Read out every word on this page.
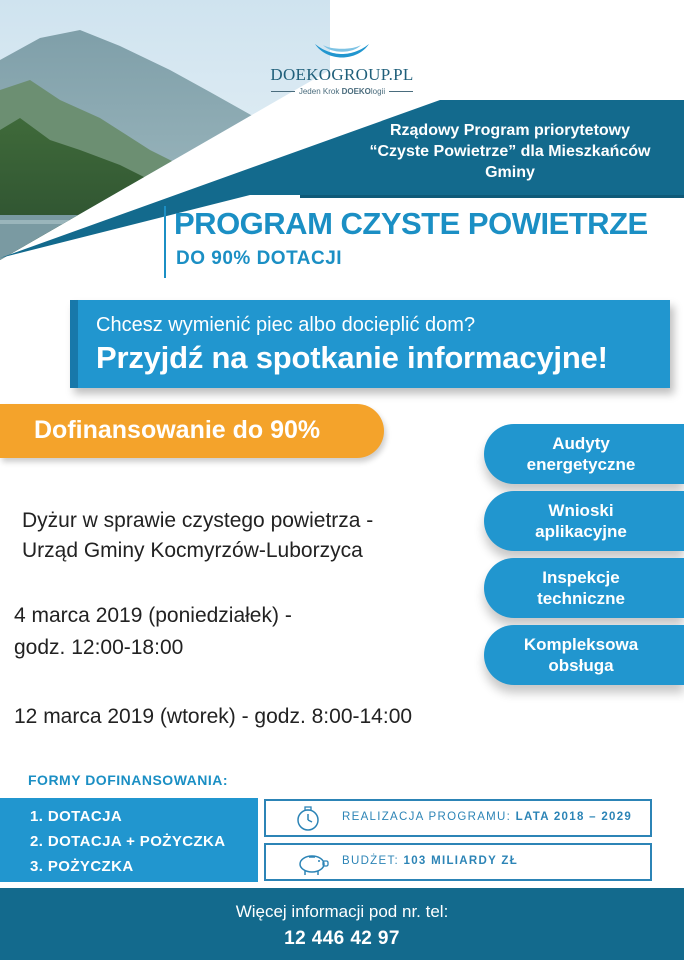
Rządowy Program priorytetowy
“Czyste Powietrze” dla Mieszkańców
Gminy
DOEKOGROUP.PL
Jeden Krok DOEKOlogii
PROGRAM CZYSTE POWIETRZE
DO 90% DOTACJI
Chcesz wymienić piec albo docieplić dom?
Przyjdź na spotkanie informacyjne!
Dofinansowanie do 90%	Audyty
energetyczne
Wnioski
aplikacyjne
Inspekcje
techniczne
Kompleksowa
obsługa
Dyżur w sprawie czystego powietrza -
Urząd Gminy Kocmyrzów-Luborzyca
4 marca 2019 (poniedziałek) -
godz. 12:00-18:00
12 marca 2019 (wtorek) - godz. 8:00-14:00
FORMY DOFINANSOWANIA:
1. DOTACJA
2. DOTACJA + POŻYCZKA
3. POŻYCZKA
REALIZACJA PROGRAMU: LATA 2018 – 2029
BUDŻET: 103 MILIARDY ZŁ
Więcej informacji pod nr. tel:
12 446 42 97
